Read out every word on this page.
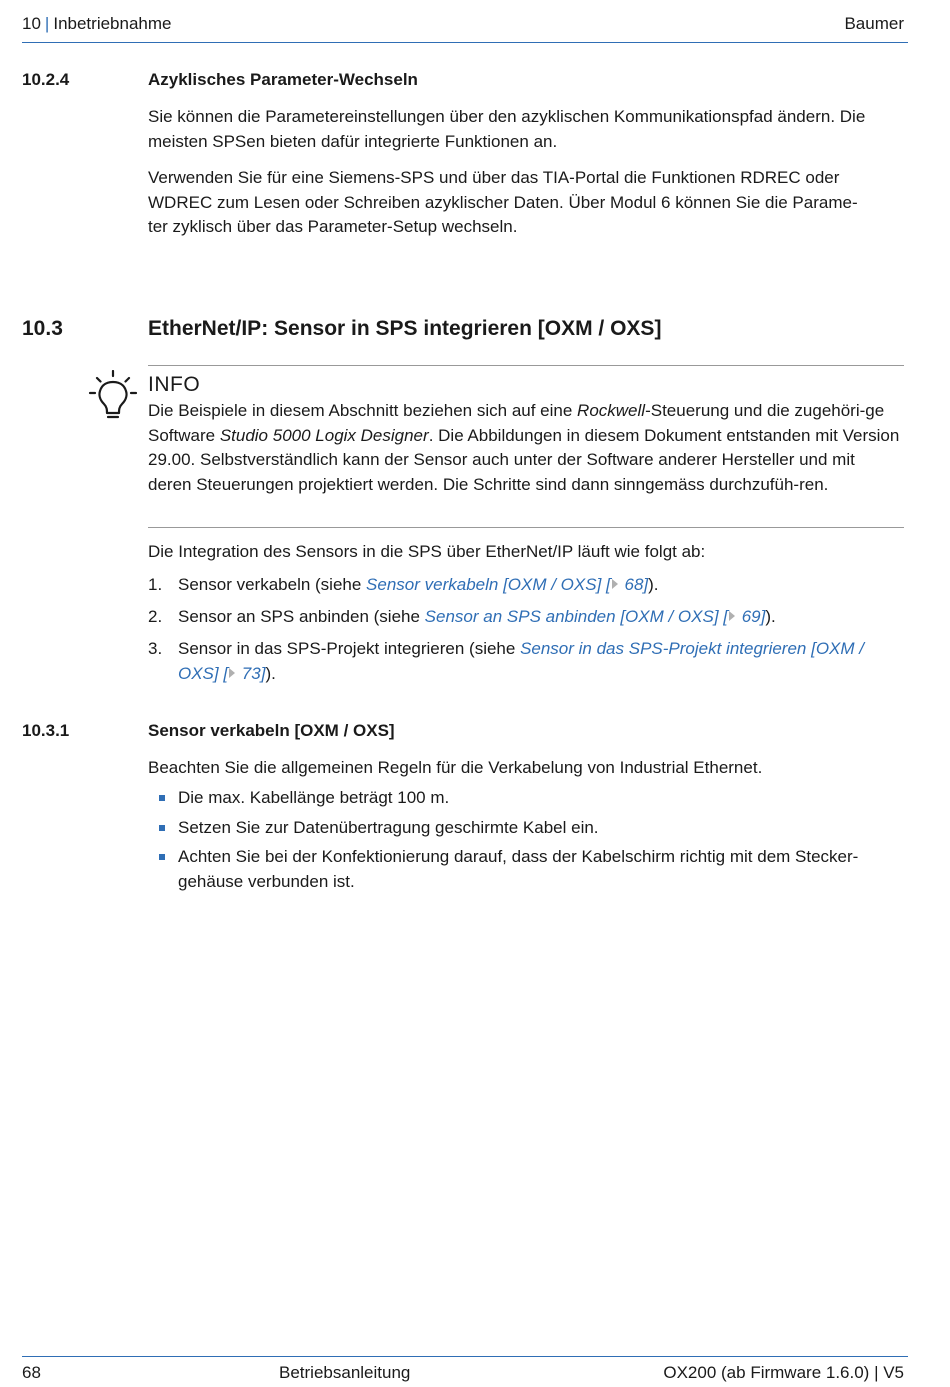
10 | Inbetriebnahme	Baumer
10.2.4	Azyklisches Parameter-Wechseln

Sie können die Parametereinstellungen über den azyklischen Kommunikationspfad ändern. Die meisten SPSen bieten dafür integrierte Funktionen an.

Verwenden Sie für eine Siemens-SPS und über das TIA-Portal die Funktionen RDREC oder
WDREC zum Lesen oder Schreiben azyklischer Daten. Über Modul 6 können Sie die Parame-
ter zyklisch über das Parameter-Setup wechseln.
10.3	EtherNet/IP: Sensor in SPS integrieren [OXM / OXS]
INFO

Die Beispiele in diesem Abschnitt beziehen sich auf eine Rockwell-Steuerung und die zugehöri-ge Software Studio 5000 Logix Designer. Die Abbildungen in diesem Dokument entstanden mit Version 29.00. Selbstverständlich kann der Sensor auch unter der Software anderer Hersteller und mit deren Steuerungen projektiert werden. Die Schritte sind dann sinngemäss durchzufüh-ren.

Die Integration des Sensors in die SPS über EtherNet/IP läuft wie folgt ab:

1. Sensor verkabeln (siehe Sensor verkabeln [OXM / OXS] [ 68]).
2. Sensor an SPS anbinden (siehe Sensor an SPS anbinden [OXM / OXS] [ 69]).
3. Sensor in das SPS-Projekt integrieren (siehe Sensor in das SPS-Projekt integrieren [OXM / OXS] [ 73]).
10.3.1	Sensor verkabeln [OXM / OXS]

Beachten Sie die allgemeinen Regeln für die Verkabelung von Industrial Ethernet.

Die max. Kabellänge beträgt 100 m.
Setzen Sie zur Datenübertragung geschirmte Kabel ein.
Achten Sie bei der Konfektionierung darauf, dass der Kabelschirm richtig mit dem Stecker-gehäuse verbunden ist.
68	Betriebsanleitung	OX200 (ab Firmware 1.6.0) | V5
